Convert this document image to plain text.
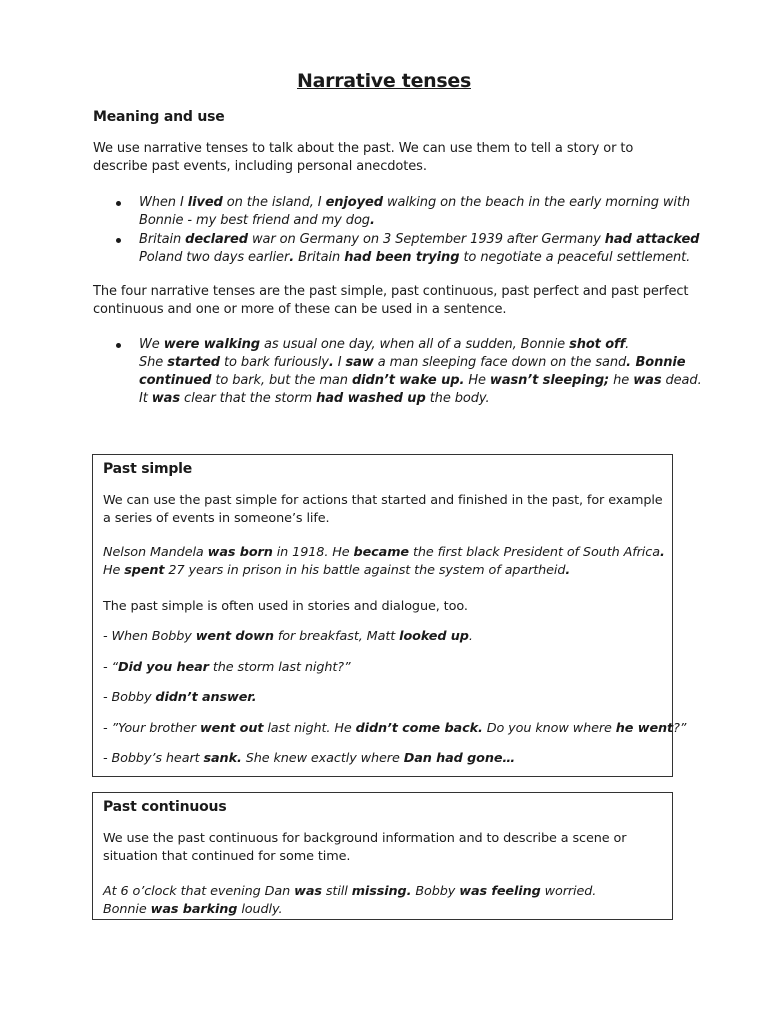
Narrative tenses
Meaning and use
We use narrative tenses to talk about the past. We can use them to tell a story or to
describe past events, including personal anecdotes.
When I lived on the island, I enjoyed walking on the beach in the early morning with
Bonnie - my best friend and my dog.
Britain declared war on Germany on 3 September 1939 after Germany had attacked
Poland two days earlier. Britain had been trying to negotiate a peaceful settlement.
The four narrative tenses are the past simple, past continuous, past perfect and past perfect
continuous and one or more of these can be used in a sentence.
We were walking as usual one day, when all of a sudden, Bonnie shot off.
She started to bark furiously. I saw a man sleeping face down on the sand. Bonnie
continued to bark, but the man didn’t wake up. He wasn’t sleeping; he was dead.
It was clear that the storm had washed up the body.
Past simple
We can use the past simple for actions that started and finished in the past, for example
a series of events in someone’s life.
Nelson Mandela was born in 1918. He became the first black President of South Africa.
He spent 27 years in prison in his battle against the system of apartheid.
The past simple is often used in stories and dialogue, too.
- When Bobby went down for breakfast, Matt looked up.
- “Did you hear the storm last night?”
- Bobby didn’t answer.
- ”Your brother went out last night. He didn’t come back. Do you know where he went?”
- Bobby’s heart sank. She knew exactly where Dan had gone…
Past continuous
We use the past continuous for background information and to describe a scene or
situation that continued for some time.
At 6 o’clock that evening Dan was still missing. Bobby was feeling worried.
Bonnie was barking loudly.
